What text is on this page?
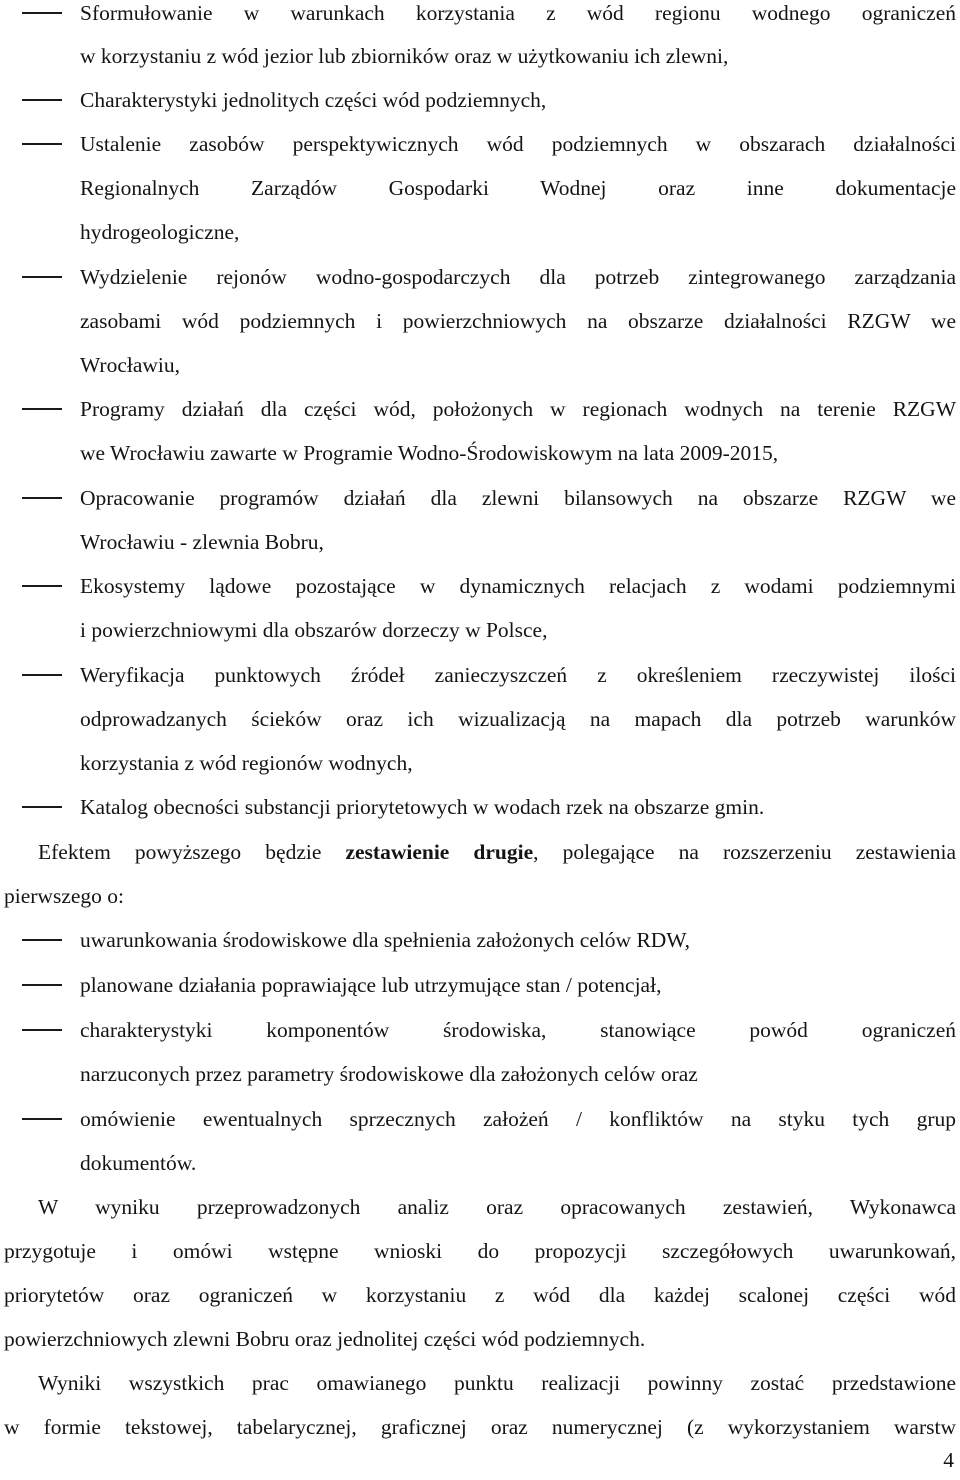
Sformułowanie w warunkach korzystania z wód regionu wodnego ograniczeń
w korzystaniu z wód jezior lub zbiorników oraz w użytkowaniu ich zlewni,
Charakterystyki jednolitych części wód podziemnych,
Ustalenie zasobów perspektywicznych wód podziemnych w obszarach działalności
Regionalnych Zarządów Gospodarki Wodnej oraz inne dokumentacje
hydrogeologiczne,
Wydzielenie rejonów wodno-gospodarczych dla potrzeb zintegrowanego zarządzania
zasobami wód podziemnych i powierzchniowych na obszarze działalności RZGW we
Wrocławiu,
Programy działań dla części wód, położonych w regionach wodnych na terenie RZGW
we Wrocławiu zawarte w Programie Wodno-Środowiskowym na lata 2009-2015,
Opracowanie programów działań dla zlewni bilansowych na obszarze RZGW we
Wrocławiu - zlewnia Bobru,
Ekosystemy lądowe pozostające w dynamicznych relacjach z wodami podziemnymi
i powierzchniowymi dla obszarów dorzeczy w Polsce,
Weryfikacja punktowych źródeł zanieczyszczeń z określeniem rzeczywistej ilości
odprowadzanych ścieków oraz ich wizualizacją na mapach dla potrzeb warunków
korzystania z wód regionów wodnych,
Katalog obecności substancji priorytetowych w wodach rzek na obszarze gmin.
Efektem powyższego będzie zestawienie drugie, polegające na rozszerzeniu zestawienia
pierwszego o:
uwarunkowania środowiskowe dla spełnienia założonych celów RDW,
planowane działania poprawiające lub utrzymujące stan / potencjał,
charakterystyki komponentów środowiska, stanowiące powód ograniczeń
narzuconych przez parametry środowiskowe dla założonych celów oraz
omówienie ewentualnych sprzecznych założeń / konfliktów na styku tych grup
dokumentów.
W wyniku przeprowadzonych analiz oraz opracowanych zestawień, Wykonawca
przygotuje i omówi wstępne wnioski do propozycji szczegółowych uwarunkowań,
priorytetów oraz ograniczeń w korzystaniu z wód dla każdej scalonej części wód
powierzchniowych zlewni Bobru oraz jednolitej części wód podziemnych.
Wyniki wszystkich prac omawianego punktu realizacji powinny zostać przedstawione
w formie tekstowej, tabelarycznej, graficznej oraz numerycznej (z wykorzystaniem warstw
4
